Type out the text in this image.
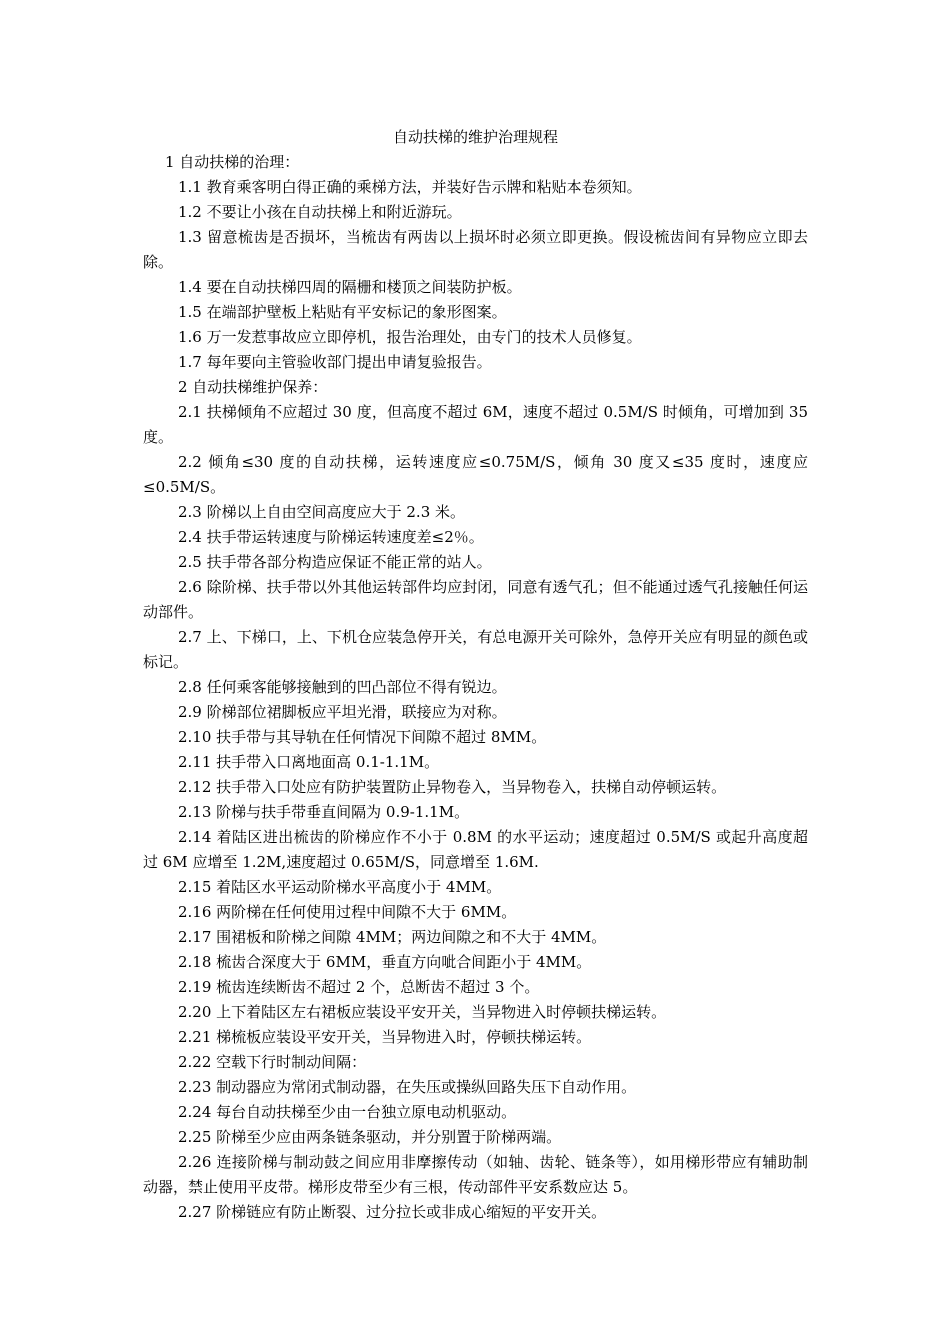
自动扶梯的维护治理规程

1 自动扶梯的治理：

1.1 教育乘客明白得正确的乘梯方法，并装好告示牌和粘贴本卷须知。

1.2 不要让小孩在自动扶梯上和附近游玩。

1.3 留意梳齿是否损坏，当梳齿有两齿以上损坏时必须立即更换。假设梳齿间有异物应立即去除。

1.4 要在自动扶梯四周的隔栅和楼顶之间装防护板。

1.5 在端部护壁板上粘贴有平安标记的象形图案。

1.6 万一发惹事故应立即停机，报告治理处，由专门的技术人员修复。

1.7 每年要向主管验收部门提出申请复验报告。

2 自动扶梯维护保养：

2.1 扶梯倾角不应超过 30 度，但高度不超过 6M，速度不超过 0.5M/S 时倾角，可增加到 35 度。

2.2 倾角≤30 度的自动扶梯，运转速度应≤0.75M/S，倾角 30 度又≤35 度时，速度应≤0.5M/S。

2.3 阶梯以上自由空间高度应大于 2.3 米。

2.4 扶手带运转速度与阶梯运转速度差≤2％。

2.5 扶手带各部分构造应保证不能正常的站人。

2.6 除阶梯、扶手带以外其他运转部件均应封闭，同意有透气孔；但不能通过透气孔接触任何运动部件。

2.7 上、下梯口，上、下机仓应装急停开关，有总电源开关可除外，急停开关应有明显的颜色或标记。

2.8 任何乘客能够接触到的凹凸部位不得有锐边。

2.9 阶梯部位裙脚板应平坦光滑，联接应为对称。

2.10 扶手带与其导轨在任何情况下间隙不超过 8MM。

2.11 扶手带入口离地面高 0.1-1.1M。

2.12 扶手带入口处应有防护装置防止异物卷入，当异物卷入，扶梯自动停顿运转。

2.13 阶梯与扶手带垂直间隔为 0.9-1.1M。

2.14 着陆区进出梳齿的阶梯应作不小于 0.8M 的水平运动；速度超过 0.5M/S 或起升高度超过 6M 应增至 1.2M,速度超过 0.65M/S，同意增至 1.6M.

2.15 着陆区水平运动阶梯水平高度小于 4MM。

2.16 两阶梯在任何使用过程中间隙不大于 6MM。

2.17 围裙板和阶梯之间隙 4MM；两边间隙之和不大于 4MM。

2.18 梳齿合深度大于 6MM，垂直方向呲合间距小于 4MM。

2.19 梳齿连续断齿不超过 2 个，总断齿不超过 3 个。

2.20 上下着陆区左右裙板应装设平安开关，当异物进入时停顿扶梯运转。

2.21 梯梳板应装设平安开关，当异物进入时，停顿扶梯运转。

2.22 空载下行时制动间隔：

2.23 制动器应为常闭式制动器，在失压或操纵回路失压下自动作用。

2.24 每台自动扶梯至少由一台独立原电动机驱动。

2.25 阶梯至少应由两条链条驱动，并分别置于阶梯两端。

2.26 连接阶梯与制动鼓之间应用非摩擦传动（如轴、齿轮、链条等），如用梯形带应有辅助制动器，禁止使用平皮带。梯形皮带至少有三根，传动部件平安系数应达 5。

2.27 阶梯链应有防止断裂、过分拉长或非成心缩短的平安开关。
